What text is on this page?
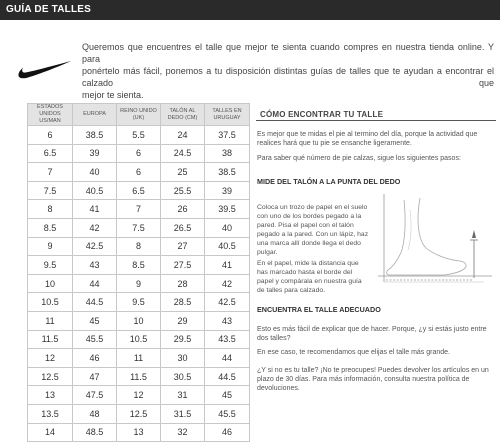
GUÍA DE TALLES
Queremos que encuentres el talle que mejor te sienta cuando compres en nuestra tienda online. Y para
ponértelo más fácil, ponemos a tu disposición distintas guías de talles que te ayudan a encontrar el calzado que
mejor te sienta.
ESTADOS UNIDOS US/MAN	EUROPA	REINO UNIDO (UK)	TALÓN AL DEDO (CM)	TALLES EN URUGUAY
6	38.5	5.5	24	37.5
6.5	39	6	24.5	38
7	40	6	25	38.5
7.5	40.5	6.5	25.5	39
8	41	7	26	39.5
8.5	42	7.5	26.5	40
9	42.5	8	27	40.5
9.5	43	8.5	27.5	41
10	44	9	28	42
10.5	44.5	9.5	28.5	42.5
11	45	10	29	43
11.5	45.5	10.5	29.5	43.5
12	46	11	30	44
12.5	47	11.5	30.5	44.5
13	47.5	12	31	45
13.5	48	12.5	31.5	45.5
14	48.5	13	32	46
CÓMO ENCONTRAR TU TALLE
Es mejor que te midas el pie al termino del día, porque la actividad que
realices hará que tu pie se ensanche ligeramente.
Para saber qué número de pie calzas, sigue los siguientes pasos:
MIDE DEL TALÓN A LA PUNTA DEL DEDO
Coloca un trozo de papel en el suelo
con uno de los bordes pegado a la
pared. Pisa el papel con el talón
pegado a la pared. Con un lápiz, haz
una marca allí donde llega el dedo
pulgar.
En el papel, mide la distancia que
has marcado hasta el borde del
papel y compárala en nuestra guía
de talles para calzado.
ENCUENTRA EL TALLE ADECUADO
Esto es más fácil de explicar que de hacer. Porque, ¿y si estás justo entre
dos talles?
En ese caso, te recomendamos que elijas el talle más grande.
¿Y si no es tu talle? ¡No te preocupes! Puedes devolver los artículos en un
plazo de 30 días. Para más información, consulta nuestra política de
devoluciones.
